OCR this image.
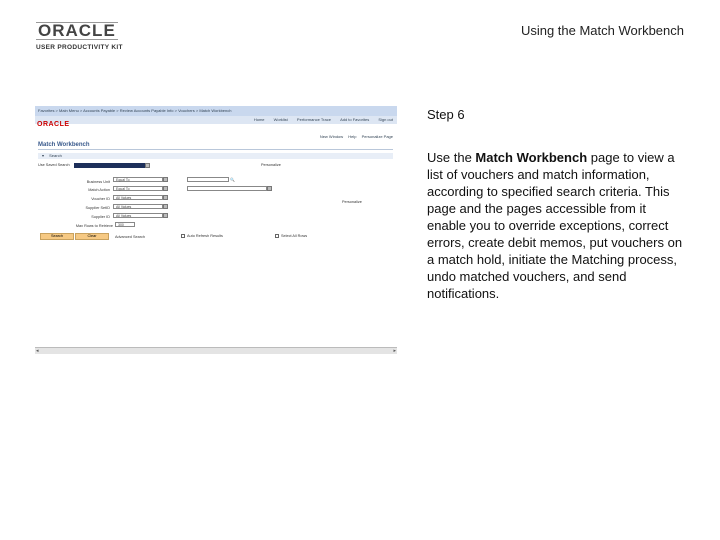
ORACLE
USER PRODUCTIVITY KIT
Using the Match Workbench
Favorites > Main Menu > Accounts Payable > Review Accounts Payable Info > Vouchers > Match Workbench
Home Worklist Performance Trace Add to Favorites Sign out
ORACLE
New Window Help Personalize Page
Match Workbench
▾ Search
Use Saved Search	Personalize
Business Unit	Equal To	🔍
Match Action	Equal To
Voucher ID	All Values
Personalize
Supplier SetID	All Values
Supplier ID	All Values
Max Rows to Retrieve	300
Search	Clear	Advanced Search	Auto Refresh Results	Select All Rows
◂	▸
Step 6
Use the Match Workbench page to view a list of vouchers and match information, according to specified search criteria. This page and the pages accessible from it enable you to override exceptions, correct errors, create debit memos, put vouchers on a match hold, initiate the Matching process, undo matched vouchers, and send notifications.
